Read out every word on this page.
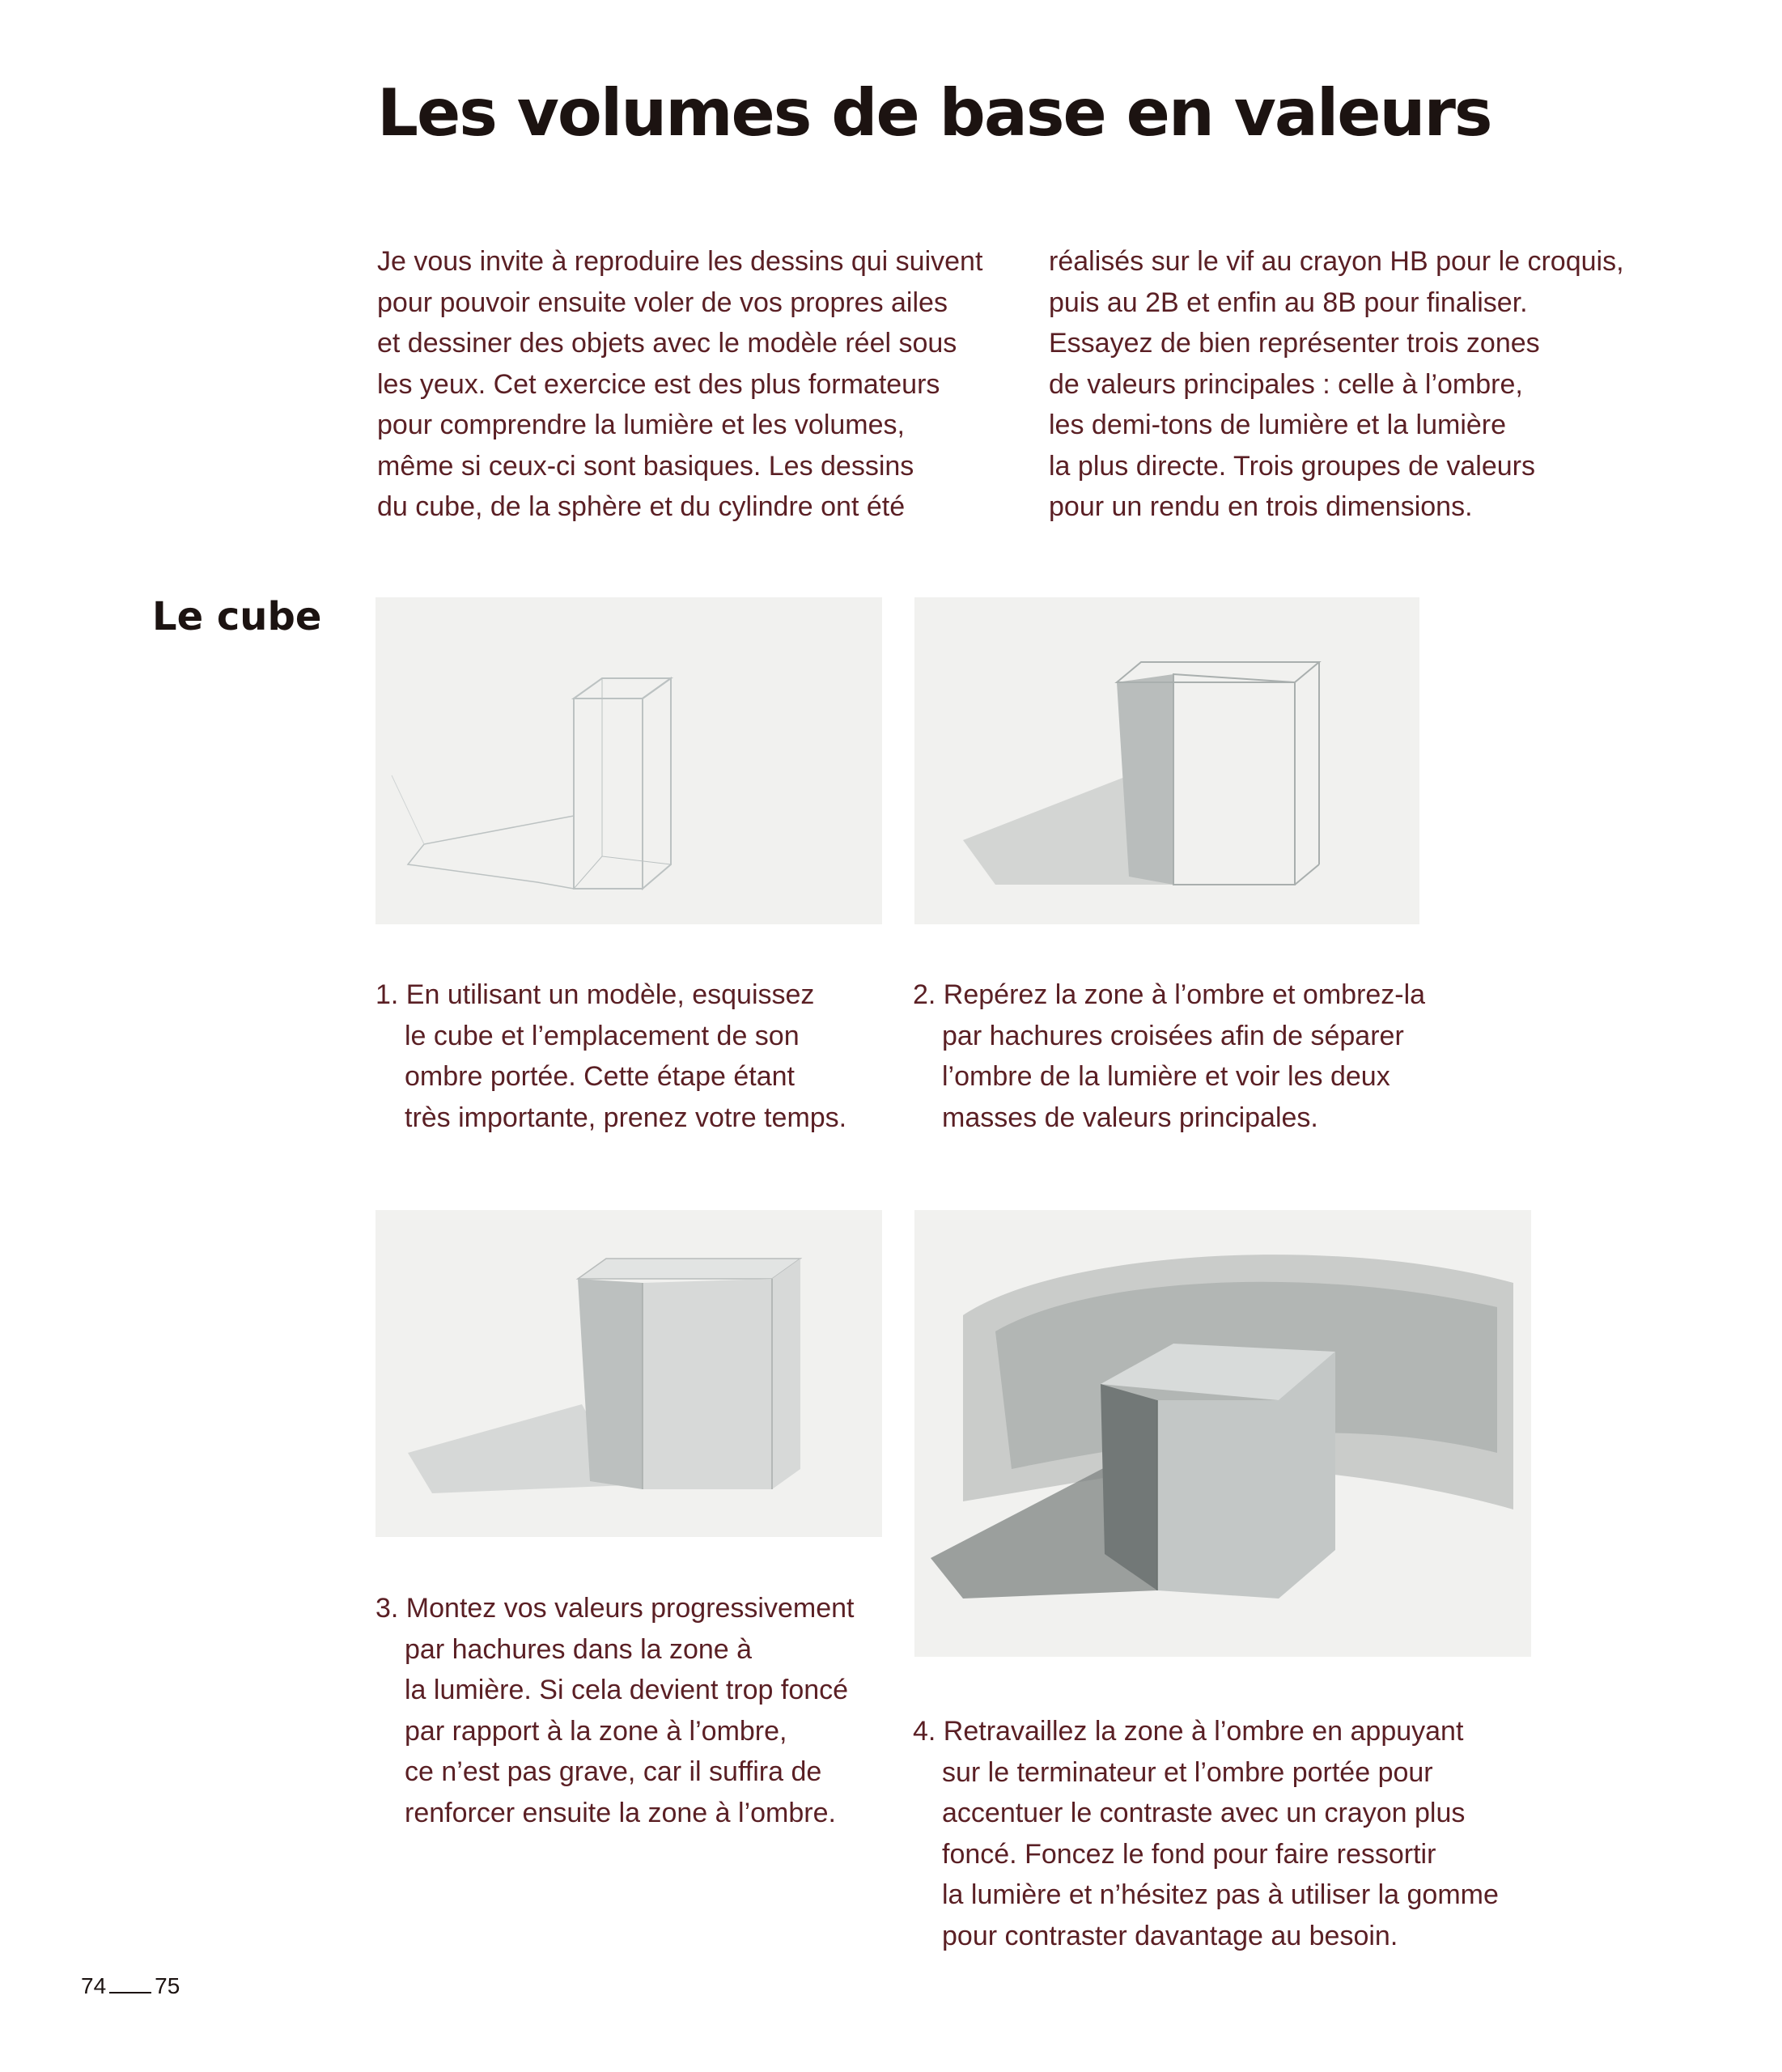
Les volumes de base en valeurs
Je vous invite à reproduire les dessins qui suivent
pour pouvoir ensuite voler de vos propres ailes
et dessiner des objets avec le modèle réel sous
les yeux. Cet exercice est des plus formateurs
pour comprendre la lumière et les volumes,
même si ceux-ci sont basiques. Les dessins
du cube, de la sphère et du cylindre ont été
réalisés sur le vif au crayon HB pour le croquis,
puis au 2B et enfin au 8B pour finaliser.
Essayez de bien représenter trois zones
de valeurs principales : celle à l’ombre,
les demi-tons de lumière et la lumière
la plus directe. Trois groupes de valeurs
pour un rendu en trois dimensions.
Le cube
1. En utilisant un modèle, esquissez
le cube et l’emplacement de son
ombre portée. Cette étape étant
très importante, prenez votre temps.
2. Repérez la zone à l’ombre et ombrez-la
par hachures croisées afin de séparer
l’ombre de la lumière et voir les deux
masses de valeurs principales.
3. Montez vos valeurs progressivement
par hachures dans la zone à
la lumière. Si cela devient trop foncé
par rapport à la zone à l’ombre,
ce n’est pas grave, car il suffira de
renforcer ensuite la zone à l’ombre.
4. Retravaillez la zone à l’ombre en appuyant
sur le terminateur et l’ombre portée pour
accentuer le contraste avec un crayon plus
foncé. Foncez le fond pour faire ressortir
la lumière et n’hésitez pas à utiliser la gomme
pour contraster davantage au besoin.
74 75
